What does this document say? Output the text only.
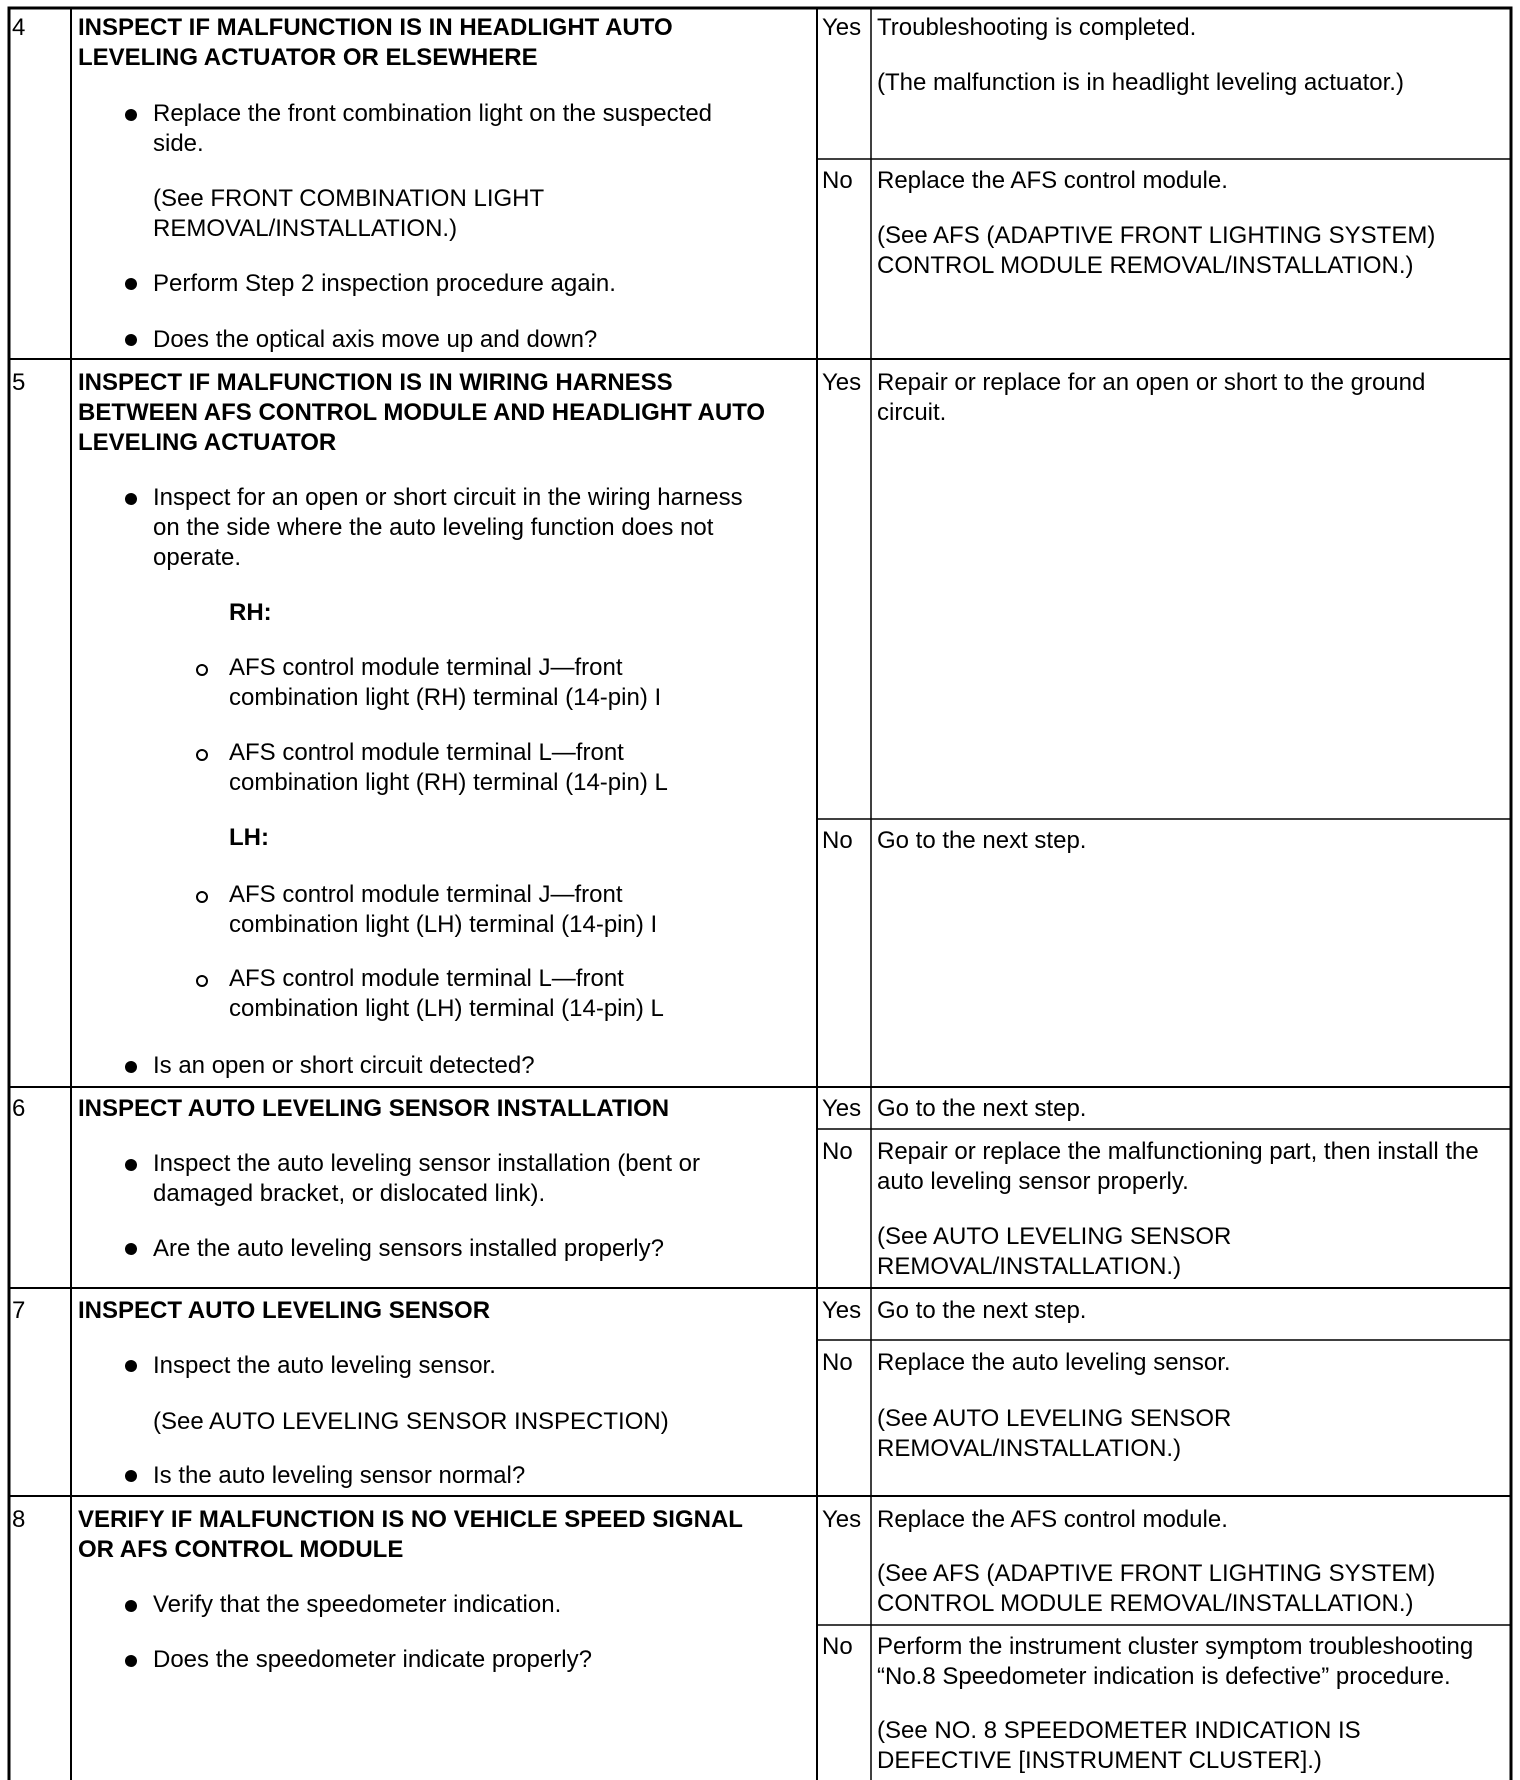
4 INSPECT IF MALFUNCTION IS IN HEADLIGHT AUTO
LEVELING ACTUATOR OR ELSEWHERE
Replace the front combination light on the suspected
side.
(See FRONT COMBINATION LIGHT
REMOVAL/INSTALLATION.)
Perform Step 2 inspection procedure again.
Does the optical axis move up and down?
Yes Troubleshooting is completed.
(The malfunction is in headlight leveling actuator.)
No Replace the AFS control module.
(See AFS (ADAPTIVE FRONT LIGHTING SYSTEM)
CONTROL MODULE REMOVAL/INSTALLATION.)
5 INSPECT IF MALFUNCTION IS IN WIRING HARNESS
BETWEEN AFS CONTROL MODULE AND HEADLIGHT AUTO
LEVELING ACTUATOR
Inspect for an open or short circuit in the wiring harness
on the side where the auto leveling function does not
operate.
RH:
AFS control module terminal J—front
combination light (RH) terminal (14-pin) I
AFS control module terminal L—front
combination light (RH) terminal (14-pin) L
LH:
AFS control module terminal J—front
combination light (LH) terminal (14-pin) I
AFS control module terminal L—front
combination light (LH) terminal (14-pin) L
Is an open or short circuit detected?
Yes Repair or replace for an open or short to the ground
circuit.
No Go to the next step.
6 INSPECT AUTO LEVELING SENSOR INSTALLATION
Inspect the auto leveling sensor installation (bent or
damaged bracket, or dislocated link).
Are the auto leveling sensors installed properly?
Yes Go to the next step.
No Repair or replace the malfunctioning part, then install the
auto leveling sensor properly.
(See AUTO LEVELING SENSOR
REMOVAL/INSTALLATION.)
7 INSPECT AUTO LEVELING SENSOR
Inspect the auto leveling sensor.
(See AUTO LEVELING SENSOR INSPECTION)
Is the auto leveling sensor normal?
Yes Go to the next step.
No Replace the auto leveling sensor.
(See AUTO LEVELING SENSOR
REMOVAL/INSTALLATION.)
8 VERIFY IF MALFUNCTION IS NO VEHICLE SPEED SIGNAL
OR AFS CONTROL MODULE
Verify that the speedometer indication.
Does the speedometer indicate properly?
Yes Replace the AFS control module.
(See AFS (ADAPTIVE FRONT LIGHTING SYSTEM)
CONTROL MODULE REMOVAL/INSTALLATION.)
No Perform the instrument cluster symptom troubleshooting
“No.8 Speedometer indication is defective” procedure.
(See NO. 8 SPEEDOMETER INDICATION IS
DEFECTIVE [INSTRUMENT CLUSTER].)
